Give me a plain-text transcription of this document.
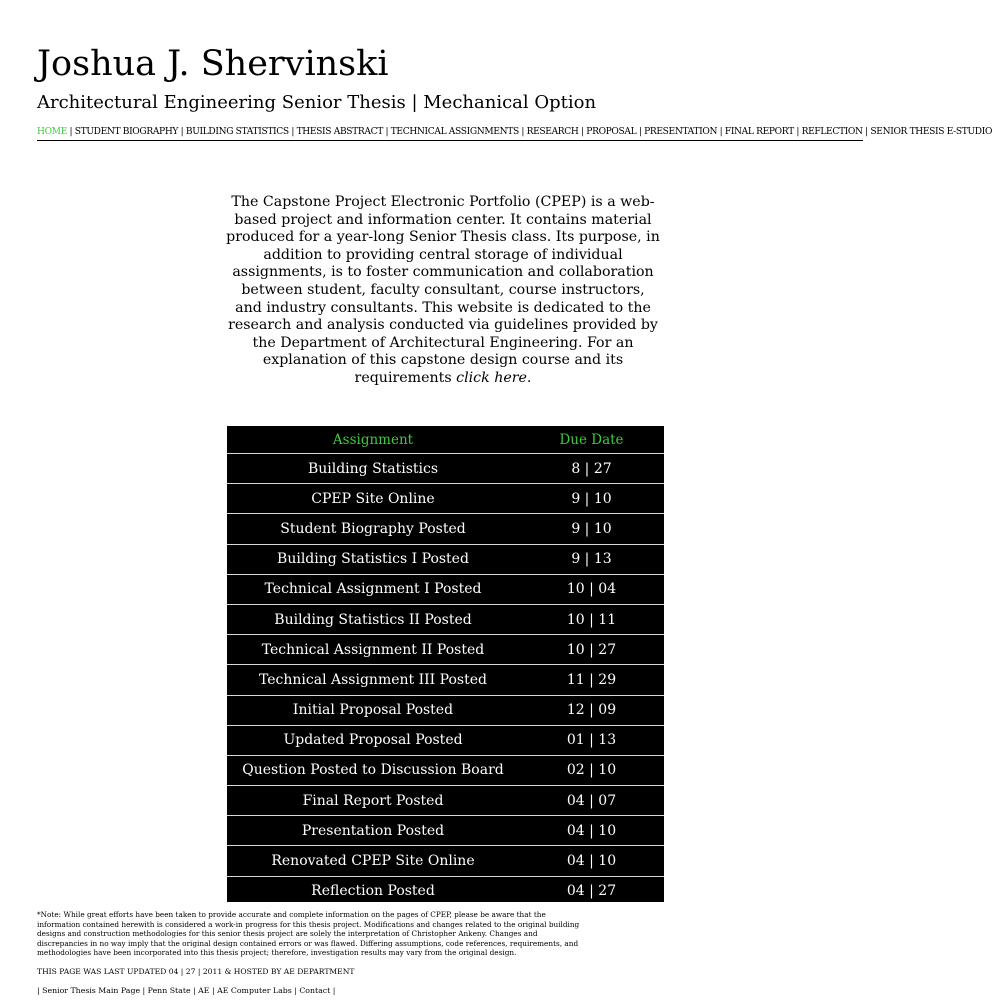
Joshua J. Shervinski
Architectural Engineering Senior Thesis | Mechanical Option
HOME | STUDENT BIOGRAPHY | BUILDING STATISTICS | THESIS ABSTRACT | TECHNICAL ASSIGNMENTS | RESEARCH | PROPOSAL | PRESENTATION | FINAL REPORT | REFLECTION | SENIOR THESIS E-STUDIO
The Capstone Project Electronic Portfolio (CPEP) is a web-based project and information center. It contains material produced for a year-long Senior Thesis class. Its purpose, in addition to providing central storage of individual assignments, is to foster communication and collaboration between student, faculty consultant, course instructors, and industry consultants. This website is dedicated to the research and analysis conducted via guidelines provided by the Department of Architectural Engineering. For an explanation of this capstone design course and its requirements click here.
Assignment	Due Date
Building Statistics	8 | 27
CPEP Site Online	9 | 10
Student Biography Posted	9 | 10
Building Statistics I Posted	9 | 13
Technical Assignment I Posted	10 | 04
Building Statistics II Posted	10 | 11
Technical Assignment II Posted	10 | 27
Technical Assignment III Posted	11 | 29
Initial Proposal Posted	12 | 09
Updated Proposal Posted	01 | 13
Question Posted to Discussion Board	02 | 10
Final Report Posted	04 | 07
Presentation Posted	04 | 10
Renovated CPEP Site Online	04 | 10
Reflection Posted	04 | 27
*Note: While great efforts have been taken to provide accurate and complete information on the pages of CPEP, please be aware that the information contained herewith is considered a work-in progress for this thesis project. Modifications and changes related to the original building designs and construction methodologies for this senior thesis project are solely the interpretation of Christopher Ankeny. Changes and discrepancies in no way imply that the original design contained errors or was flawed. Differing assumptions, code references, requirements, and methodologies have been incorporated into this thesis project; therefore, investigation results may vary from the original design.
THIS PAGE WAS LAST UPDATED 04 | 27 | 2011 & HOSTED BY AE DEPARTMENT
| Senior Thesis Main Page | Penn State | AE | AE Computer Labs | Contact |
